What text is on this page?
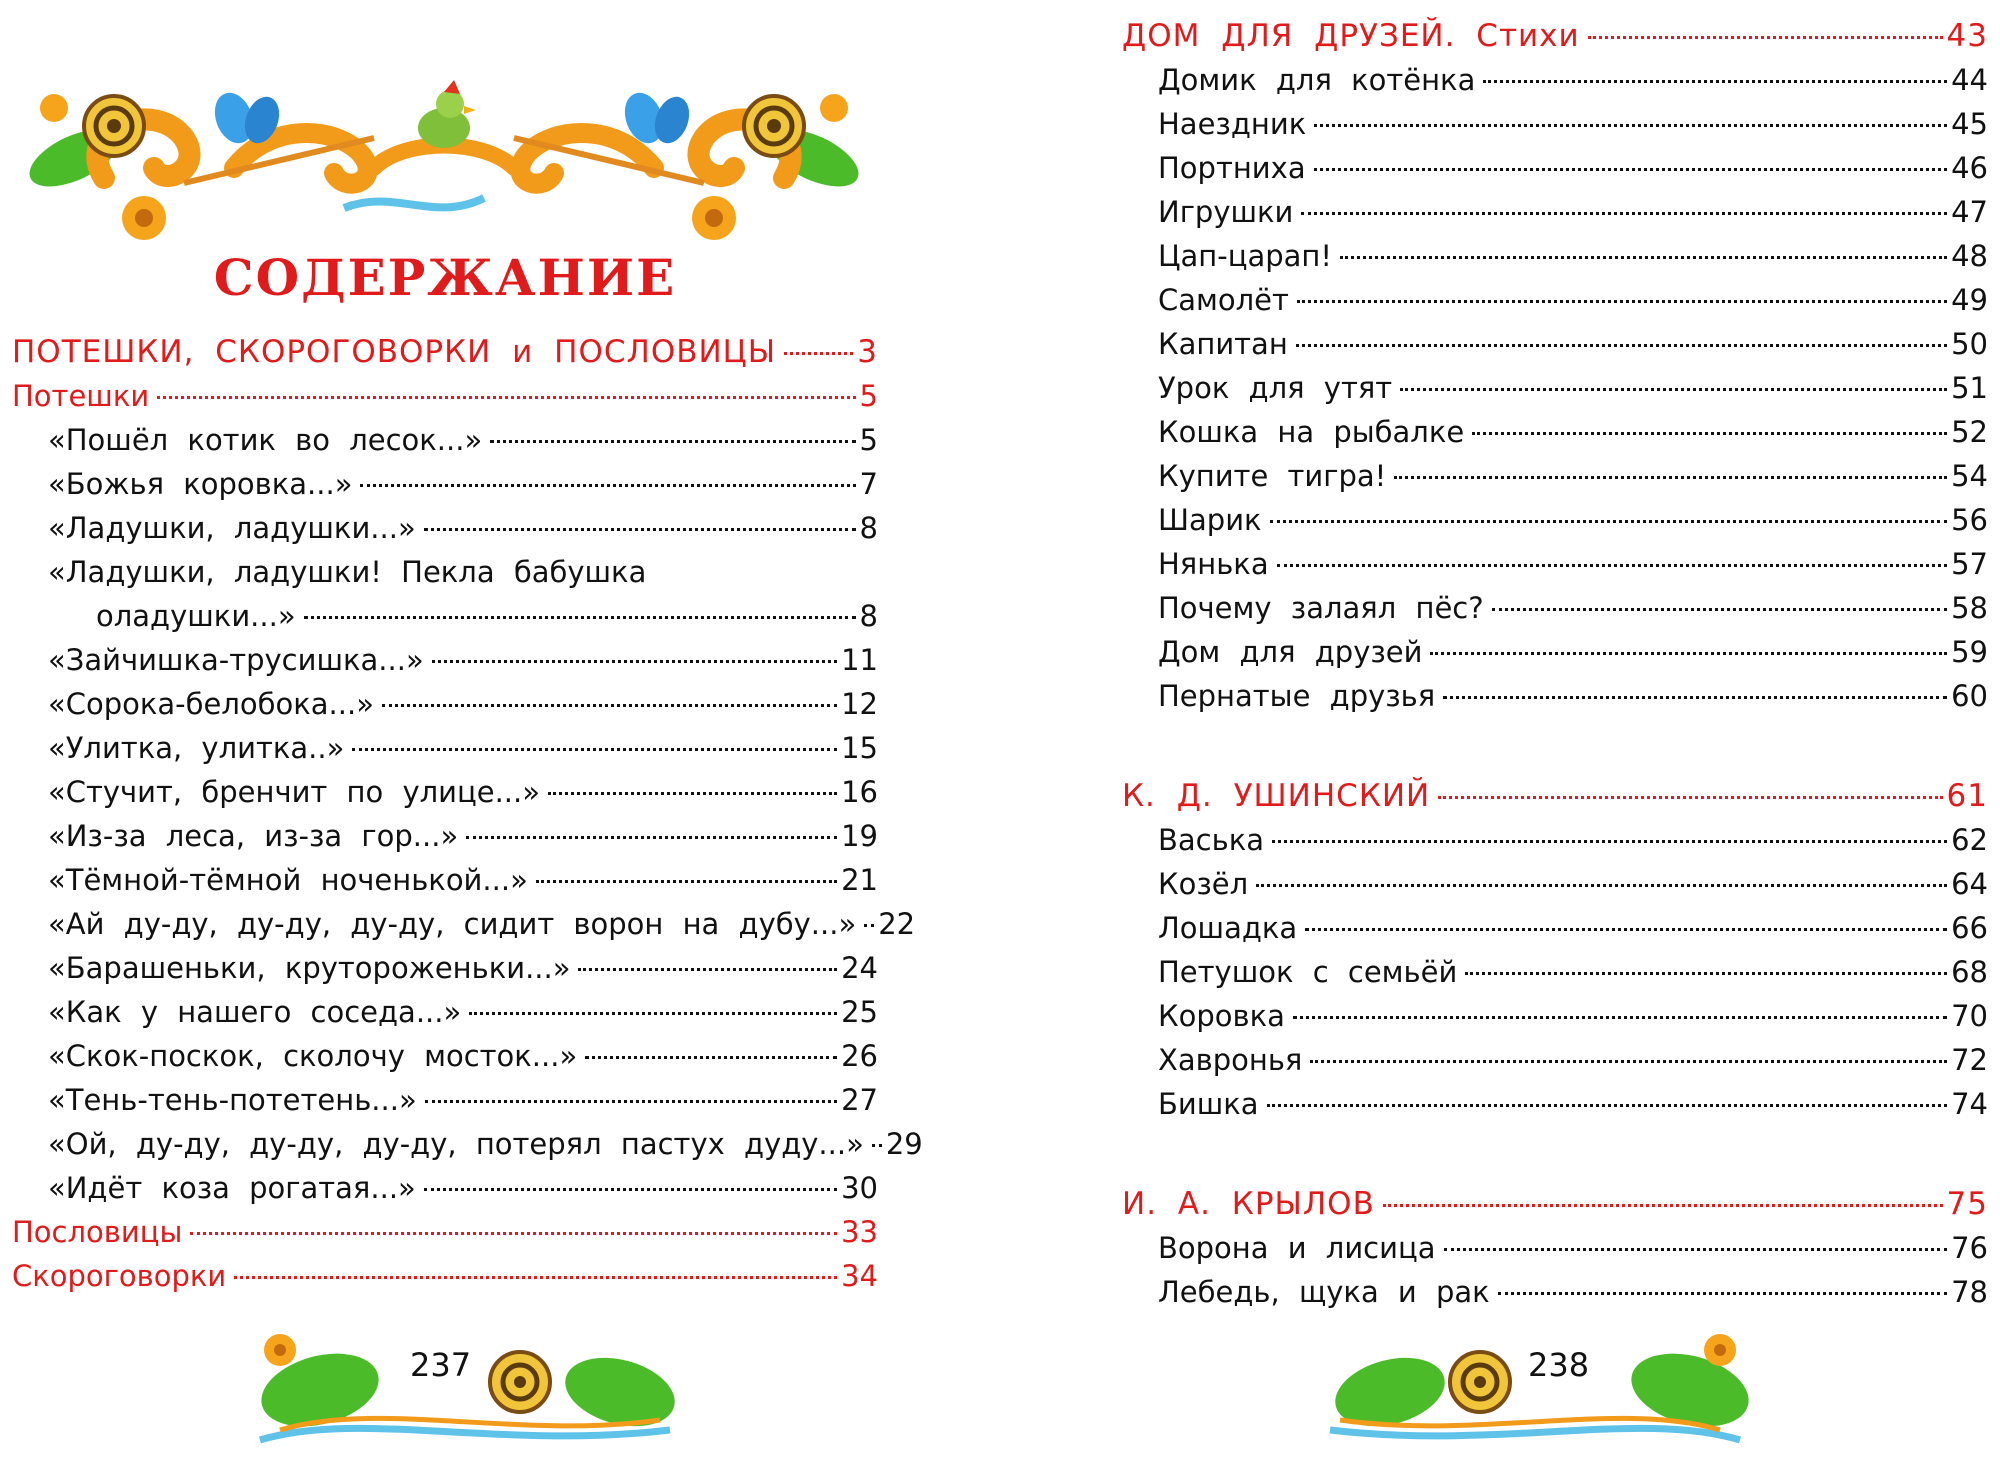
СОДЕРЖАНИЕ
ПОТЕШКИ, СКОРОГОВОРКИ и ПОСЛОВИЦЫ	3
Потешки	5
«Пошёл котик во лесок...»	5
«Божья коровка...»	7
«Ладушки, ладушки...»	8
«Ладушки, ладушки! Пекла бабушка
оладушки...»	8
«Зайчишка-трусишка...»	11
«Сорока-белобока...»	12
«Улитка, улитка..»	15
«Стучит, бренчит по улице...»	16
«Из-за леса, из-за гор...»	19
«Тёмной-тёмной ноченькой...»	21
«Ай ду-ду, ду-ду, ду-ду, сидит ворон на дубу...» 22
«Барашеньки, крутороженьки...»	24
«Как у нашего соседа...»	25
«Скок-поскок, сколочу мосток...»	26
«Тень-тень-потетень...»	27
«Ой, ду-ду, ду-ду, ду-ду, потерял пастух дуду...» 29
«Идёт коза рогатая...»	30
Пословицы	33
Скороговорки	34
237
ДОМ ДЛЯ ДРУЗЕЙ. Стихи	43
Домик для котёнка	44
Наездник	45
Портниха	46
Игрушки	47
Цап-царап!	48
Самолёт	49
Капитан	50
Урок для утят	51
Кошка на рыбалке	52
Купите тигра!	54
Шарик	56
Нянька	57
Почему залаял пёс?	58
Дом для друзей	59
Пернатые друзья	60
К. Д. УШИНСКИЙ	61
Васька	62
Козёл	64
Лошадка	66
Петушок с семьёй	68
Коровка	70
Хавронья	72
Бишка	74
И. А. КРЫЛОВ	75
Ворона и лисица	76
Лебедь, щука и рак	78
238
